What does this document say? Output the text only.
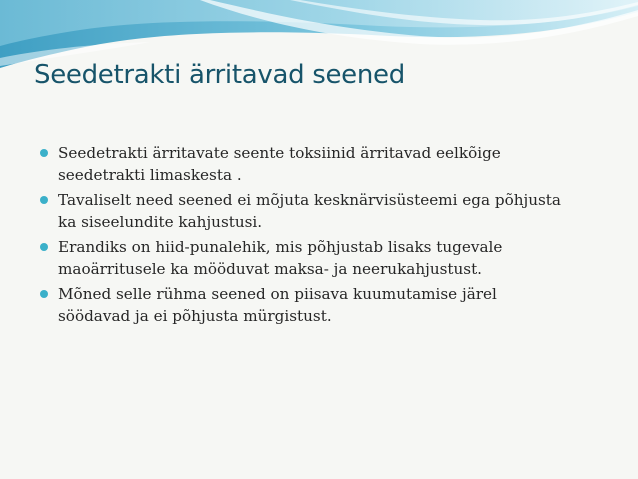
Seedetrakti ärritavad seened
Seedetrakti ärritavate seente toksiinid ärritavad eelkõige
seedetrakti limaskesta .
Tavaliselt need seened ei mõjuta kesknärvisüsteemi ega põhjusta
ka siseelundite kahjustusi.
Erandiks on hiid-punalehik, mis põhjustab lisaks tugevale
maoärritusele ka mööduvat maksa- ja neerukahjustust.
Mõned selle rühma seened on piisava kuumutamise järel
söödavad ja ei põhjusta mürgistust.
